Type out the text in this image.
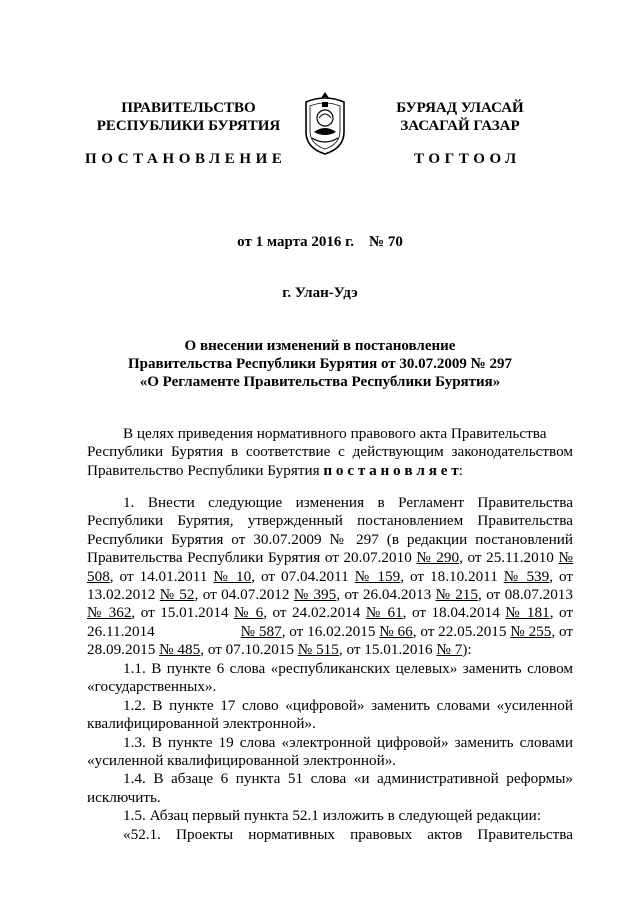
ПРАВИТЕЛЬСТВО
РЕСПУБЛИКИ БУРЯТИЯ
БУРЯАД УЛАСАЙ
ЗАСАГАЙ ГАЗАР
ПОСТАНОВЛЕНИЕ	ТОГТООЛ
от 1 марта 2016 г.    № 70
г. Улан-Удэ
О внесении изменений в постановление
Правительства Республики Бурятия от 30.07.2009 № 297
«О Регламенте Правительства Республики Бурятия»
В целях приведения нормативного правового акта Правительства
Республики Бурятия в соответствие с действующим законодательством
Правительство Республики Бурятия п о с т а н о в л я е т:
1. Внести следующие изменения в Регламент Правительства
Республики Бурятия, утвержденный постановлением Правительства
Республики Бурятия от 30.07.2009 № 297 (в редакции постановлений
Правительства Республики Бурятия от 20.07.2010 № 290, от 25.11.2010 №
508, от 14.01.2011 № 10, от 07.04.2011 № 159, от 18.10.2011 № 539, от
13.02.2012 № 52, от 04.07.2012 № 395, от 26.04.2013 № 215, от 08.07.2013
№ 362, от 15.01.2014 № 6, от 24.02.2014 № 61, от 18.04.2014 № 181, от
26.11.2014	№ 587, от 16.02.2015 № 66, от 22.05.2015 № 255, от
28.09.2015 № 485, от 07.10.2015 № 515, от 15.01.2016 № 7):
1.1. В пункте 6 слова «республиканских целевых» заменить словом
«государственных».
1.2. В пункте 17 слово «цифровой» заменить словами «усиленной
квалифицированной электронной».
1.3. В пункте 19 слова «электронной цифровой» заменить словами
«усиленной квалифицированной электронной».
1.4. В абзаце 6 пункта 51 слова «и административной реформы»
исключить.
1.5. Абзац первый пункта 52.1 изложить в следующей редакции:
«52.1. Проекты нормативных правовых актов Правительства
